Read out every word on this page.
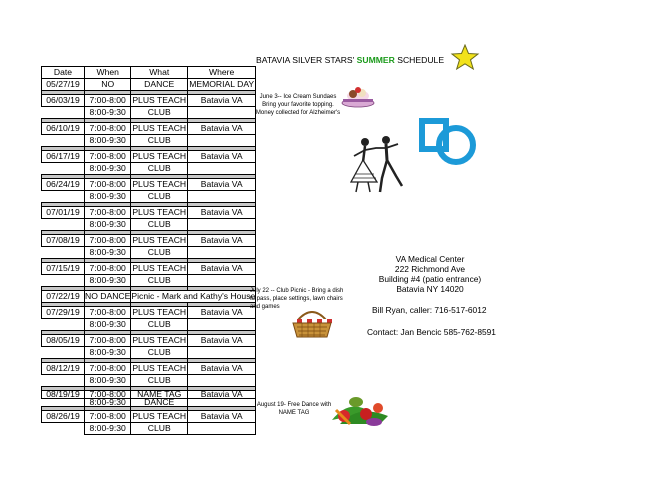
BATAVIA SILVER STARS' SUMMER SCHEDULE
Date	When	What	Where
05/27/19	NO	DANCE	MEMORIAL DAY

06/03/19	7:00-8:00	PLUS TEACH	Batavia VA
	8:00-9:30	CLUB	

06/10/19	7:00-8:00	PLUS TEACH	Batavia VA
	8:00-9:30	CLUB	

06/17/19	7:00-8:00	PLUS TEACH	Batavia VA
	8:00-9:30	CLUB	

06/24/19	7:00-8:00	PLUS TEACH	Batavia VA
	8:00-9:30	CLUB	

07/01/19	7:00-8:00	PLUS TEACH	Batavia VA
	8:00-9:30	CLUB	

07/08/19	7:00-8:00	PLUS TEACH	Batavia VA
	8:00-9:30	CLUB	

07/15/19	7:00-8:00	PLUS TEACH	Batavia VA
	8:00-9:30	CLUB	

07/22/19	NO DANCE	Picnic - Mark and Kathy's House	

07/29/19	7:00-8:00	PLUS TEACH	Batavia VA
	8:00-9:30	CLUB	

08/05/19	7:00-8:00	PLUS TEACH	Batavia VA
	8:00-9:30	CLUB	

08/12/19	7:00-8:00	PLUS TEACH	Batavia VA
	8:00-9:30	CLUB	

08/19/19	7:00-8:00	NAME TAG	Batavia VA
	8:00-9:30	DANCE	

08/26/19	7:00-8:00	PLUS TEACH	Batavia VA
	8:00-9:30	CLUB	
June 3-- Ice Cream Sundaes
Bring your favorite topping.
Money collected for Alzheimer's
VA Medical Center
222 Richmond Ave
Building #4 (patio entrance)
Batavia NY 14020
Bill Ryan, caller: 716-517-6012
Contact: Jan Bencic 585-762-8591
July 22 -- Club Picnic - Bring a dish
to pass, place settings, lawn chairs
and games
August 19- Free Dance with
NAME TAG
